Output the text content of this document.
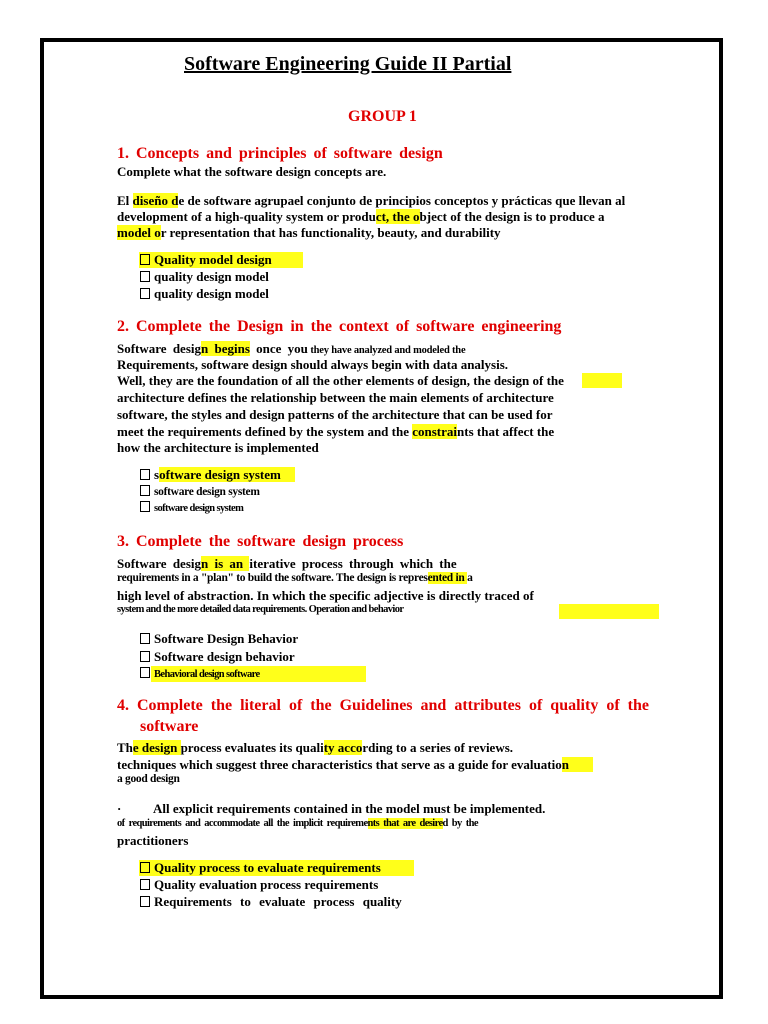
Software Engineering Guide II Partial
GROUP 1
1. Concepts and principles of software design
Complete what the software design concepts are.
El diseño de de software agrupael conjunto de principios conceptos y prácticas que llevan al
development of a high-quality system or product, the object of the design is to produce a
model or representation that has functionality, beauty, and durability
Quality model design
quality design model
quality design model
2. Complete the Design in the context of software engineering
Software design begins once you they have analyzed and modeled the
Requirements, software design should always begin with data analysis.
Well, they are the foundation of all the other elements of design, the design of the
architecture defines the relationship between the main elements of architecture
software, the styles and design patterns of the architecture that can be used for
meet the requirements defined by the system and the constraints that affect the
how the architecture is implemented
software design system
software design system
software design system
3. Complete the software design process
Software design is an iterative process through which the
requirements in a "plan" to build the software. The design is represented in a
high level of abstraction. In which the specific adjective is directly traced of
system and the more detailed data requirements. Operation and behavior
Software Design Behavior
Software design behavior
Behavioral design software
4. Complete the literal of the Guidelines and attributes of quality of the
software
The design process evaluates its quality according to a series of reviews.
techniques which suggest three characteristics that serve as a guide for evaluation
a good design
· All explicit requirements contained in the model must be implemented.
of requirements and accommodate all the implicit requirements that are desired by the
practitioners
Quality process to evaluate requirements
Quality evaluation process requirements
Requirements to evaluate process quality
